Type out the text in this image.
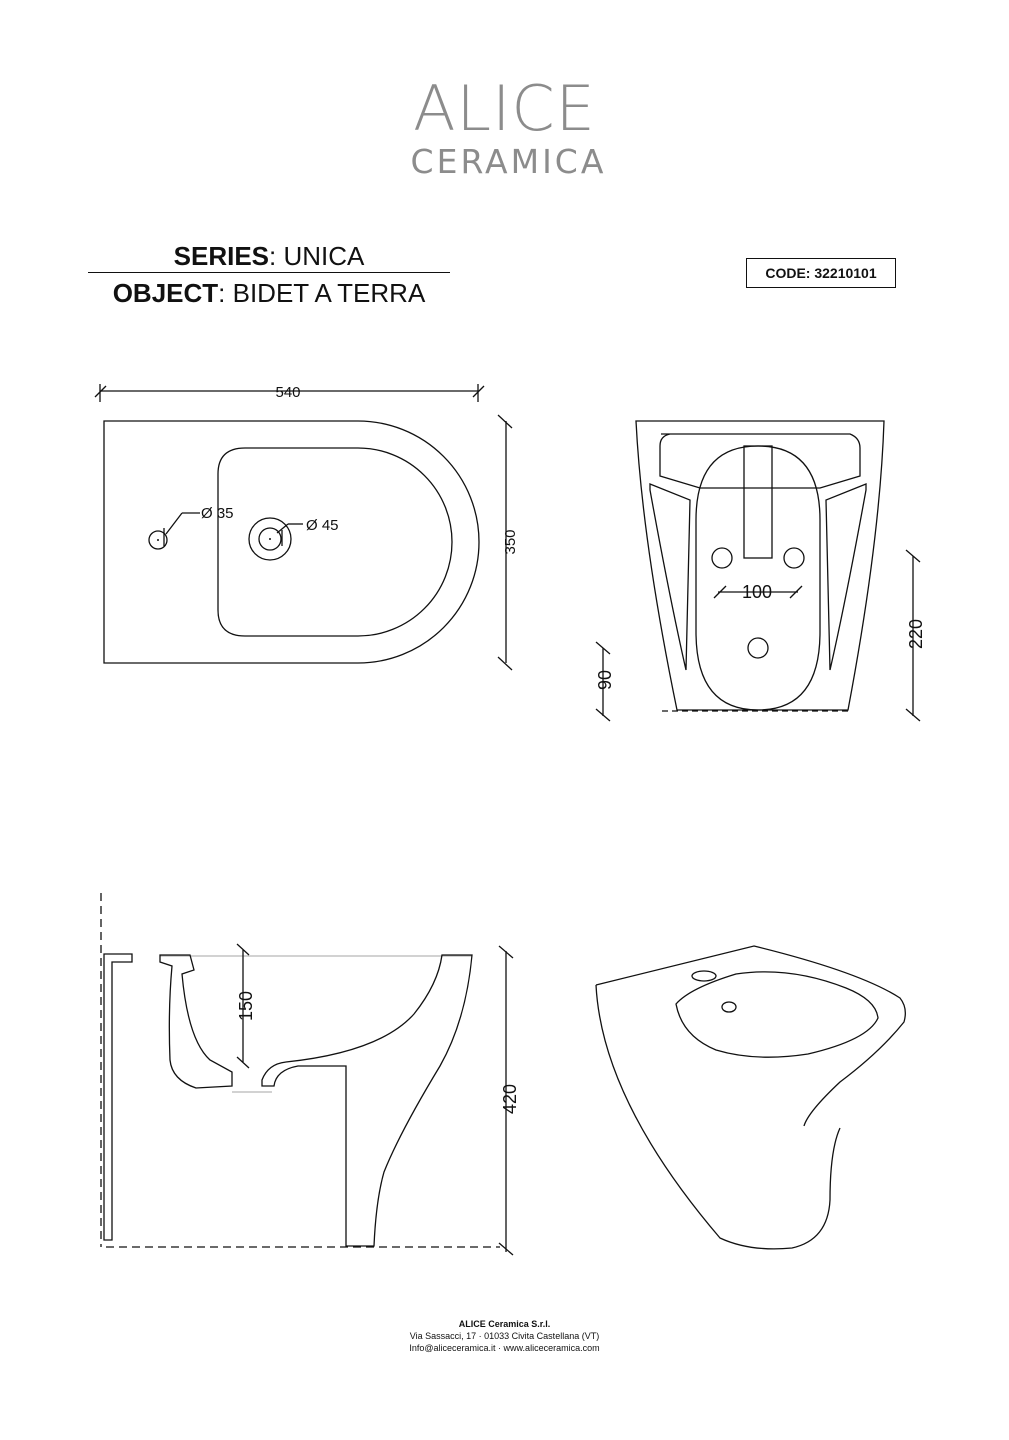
ALICE
CERAMICA
SERIES: UNICA
OBJECT: BIDET A TERRA
CODE: 32210101
540
Ø 35
Ø 45
350
100
220
90
150
420
ALICE Ceramica S.r.l.
Via Sassacci, 17 · 01033 Civita Castellana (VT)
Info@aliceceramica.it · www.aliceceramica.com
